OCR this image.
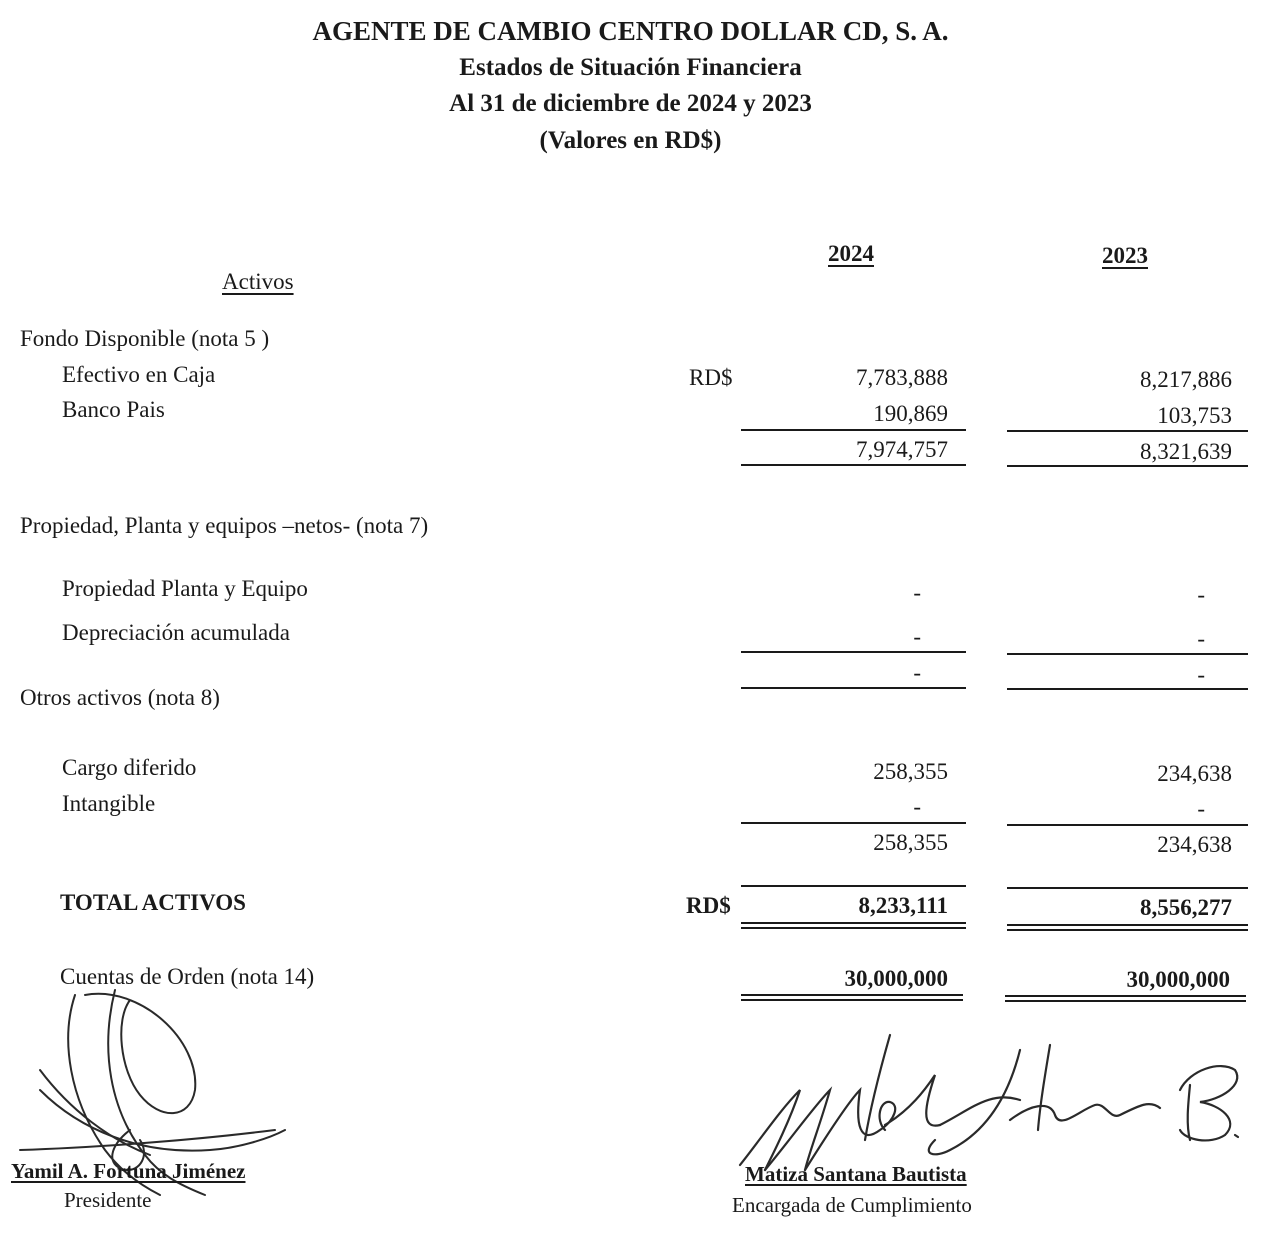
AGENTE DE CAMBIO CENTRO DOLLAR CD, S. A.
Estados de Situación Financiera
Al 31 de diciembre de 2024 y 2023
(Valores en RD$)
2024	2023
Activos
Fondo Disponible (nota 5 )
Efectivo en Caja	RD$	7,783,888	8,217,886
Banco Pais	190,869	103,753
7,974,757	8,321,639
Propiedad, Planta y equipos –netos- (nota 7)
Propiedad Planta y Equipo	-	-
Depreciación acumulada	-	-
-	-
Otros activos (nota 8)
Cargo diferido	258,355	234,638
Intangible	-	-
258,355	234,638
TOTAL ACTIVOS	RD$	8,233,111	8,556,277
Cuentas de Orden (nota 14)	30,000,000	30,000,000
Yamil A. Fortuna Jiménez
Presidente
Matiza Santana Bautista
Encargada de Cumplimiento
